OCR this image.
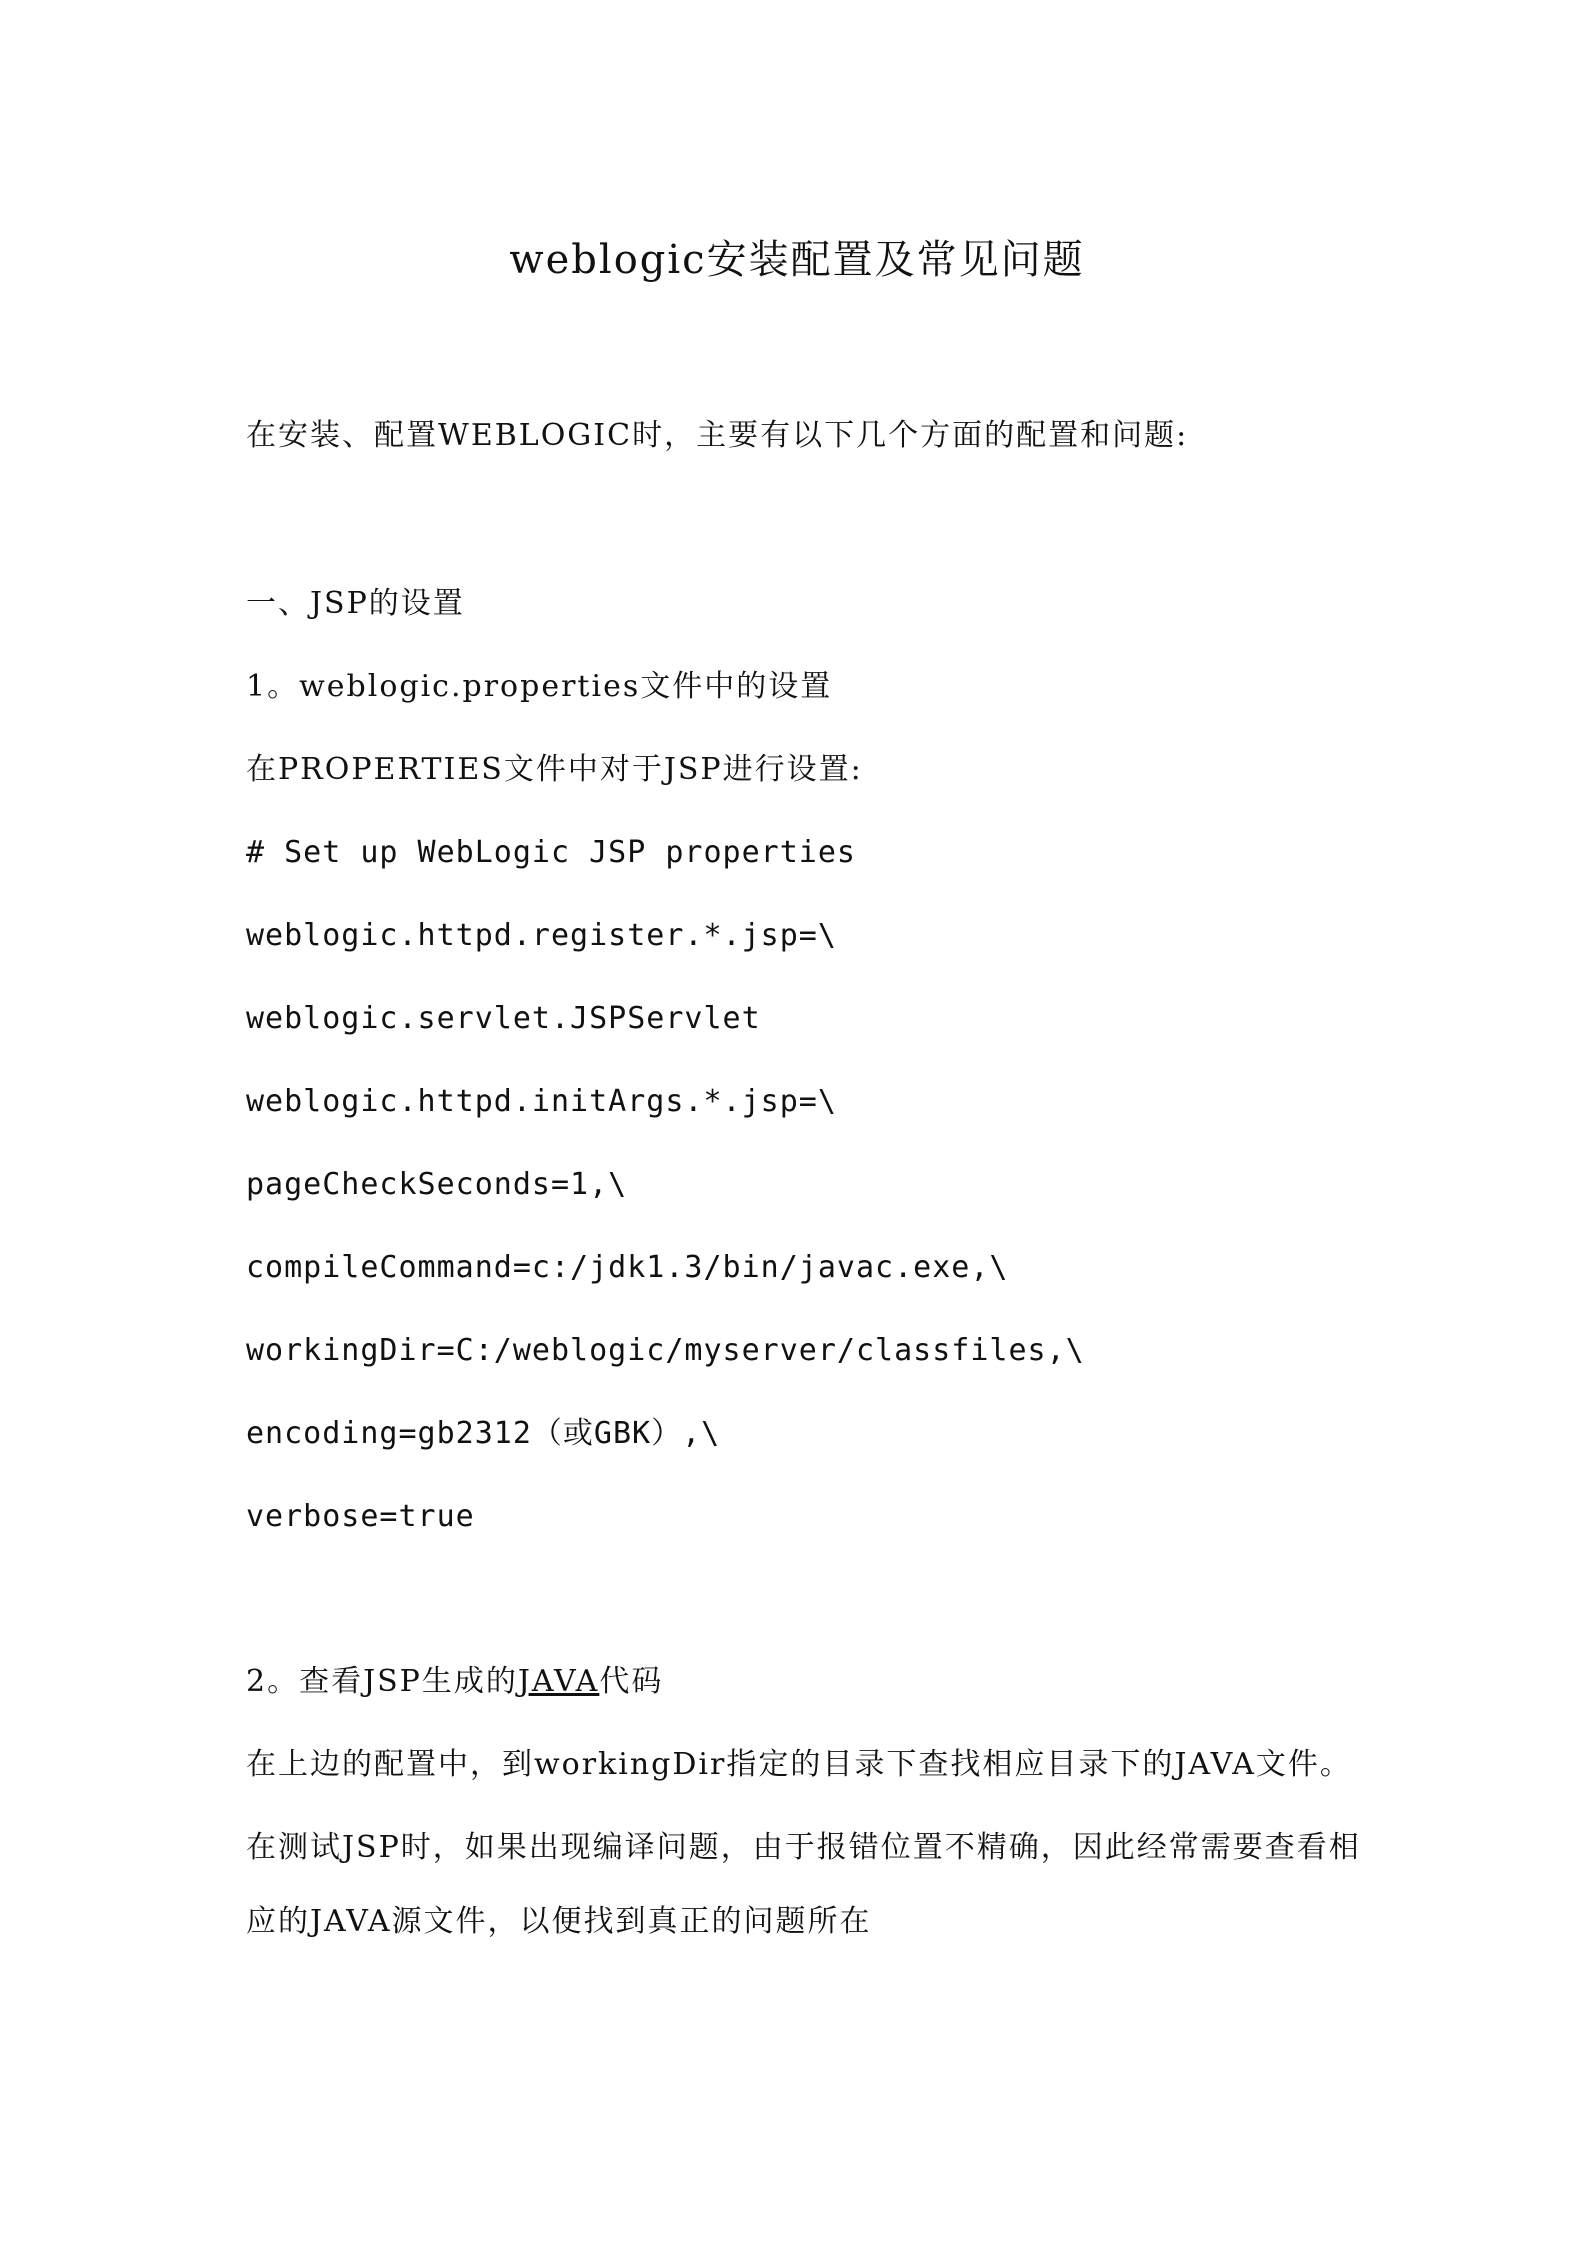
weblogic安装配置及常见问题
在安装、配置WEBLOGIC时，主要有以下几个方面的配置和问题:
一、JSP的设置
1。weblogic.properties文件中的设置
在PROPERTIES文件中对于JSP进行设置:
# Set up WebLogic JSP properties
weblogic.httpd.register.*.jsp=\
weblogic.servlet.JSPServlet
weblogic.httpd.initArgs.*.jsp=\
pageCheckSeconds=1,\
compileCommand=c:/jdk1.3/bin/javac.exe,\
workingDir=C:/weblogic/myserver/classfiles,\
encoding=gb2312（或GBK）,\
verbose=true
2。查看JSP生成的JAVA代码
在上边的配置中，到workingDir指定的目录下查找相应目录下的JAVA文件。
在测试JSP时，如果出现编译问题，由于报错位置不精确，因此经常需要查看相
应的JAVA源文件，以便找到真正的问题所在
